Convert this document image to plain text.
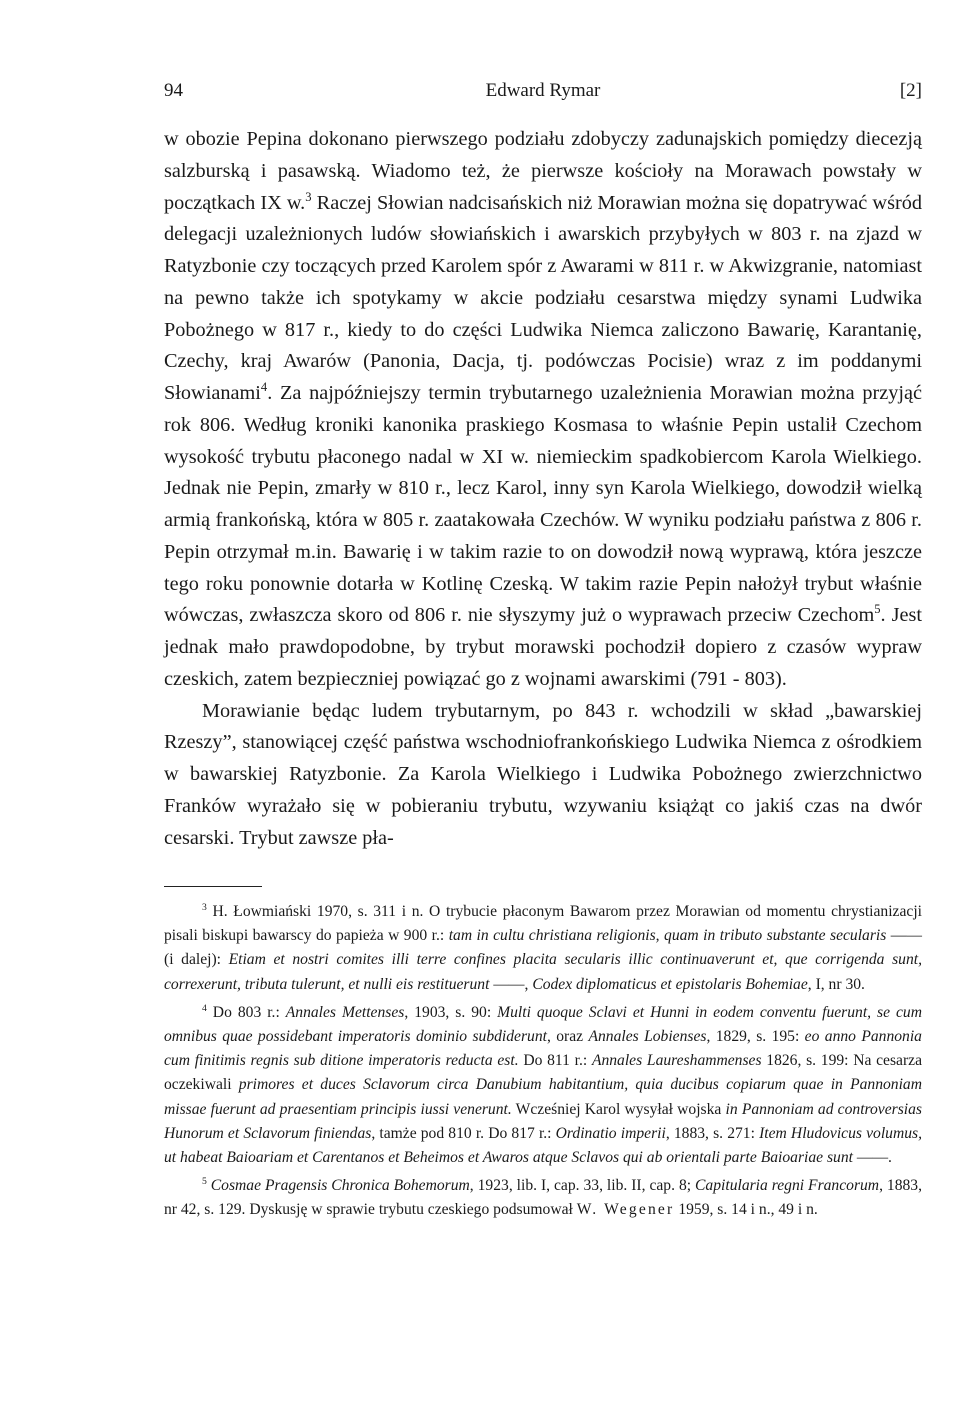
94	Edward Rymar	[2]

w obozie Pepina dokonano pierwszego podziału zdobyczy zadunajskich pomiędzy diecezją salzburską i pasawską. Wiadomo też, że pierwsze kościoły na Morawach powstały w początkach IX w.$^3$ Raczej Słowian nadcisańskich niż Morawian można się dopatrywać wśród delegacji uzależnionych ludów słowiańskich i awarskich przybyłych w 803 r. na zjazd w Ratyzbonie czy toczących przed Karolem spór z Awarami w 811 r. w Akwizgranie, natomiast na pewno także ich spotykamy w akcie podziału cesarstwa między synami Ludwika Pobożnego w 817 r., kiedy to do części Ludwika Niemca zaliczono Bawarię, Karantanię, Czechy, kraj Awarów (Panonia, Dacja, tj. podówczas Pocisie) wraz z im poddanymi Słowianami$^4$. Za najpóźniejszy termin trybutarnego uzależnienia Morawian można przyjąć rok 806. Według kroniki kanonika praskiego Kosmasa to właśnie Pepin ustalił Czechom wysokość trybutu płaconego nadal w XI w. niemieckim spadkobiercom Karola Wielkiego. Jednak nie Pepin, zmarły w 810 r., lecz Karol, inny syn Karola Wielkiego, dowodził wielką armią frankońską, która w 805 r. zaatakowała Czechów. W wyniku podziału państwa z 806 r. Pepin otrzymał m.in. Bawarię i w takim razie to on dowodził nową wyprawą, która jeszcze tego roku ponownie dotarła w Kotlinę Czeską. W takim razie Pepin nałożył trybut właśnie wówczas, zwłaszcza skoro od 806 r. nie słyszymy już o wyprawach przeciw Czechom$^5$. Jest jednak mało prawdopodobne, by trybut morawski pochodził dopiero z czasów wypraw czeskich, zatem bezpieczniej powiązać go z wojnami awarskimi (791 - 803).

Morawianie będąc ludem trybutarnym, po 843 r. wchodzili w skład „bawarskiej Rzeszy”, stanowiącej część państwa wschodniofrankońskiego Ludwika Niemca z ośrodkiem w bawarskiej Ratyzbonie. Za Karola Wielkiego i Ludwika Pobożnego zwierzchnictwo Franków wyrażało się w pobieraniu trybutu, wzywaniu książąt co jakiś czas na dwór cesarski. Trybut zawsze pła-

$^3$ H. Łowmiański 1970, s. 311 i n. O trybucie płaconym Bawarom przez Morawian od momentu chrystianizacji pisali biskupi bawarscy do papieża w 900 r.: tam in cultu christiana religionis, quam in tributo substante secularis —— (i dalej): Etiam et nostri comites illi terre confines placita secularis illic continuaverunt et, que corrigenda sunt, correxerunt, tributa tulerunt, et nulli eis restituerunt ——, Codex diplomaticus et epistolaris Bohemiae, I, nr 30.

$^4$ Do 803 r.: Annales Mettenses, 1903, s. 90: Multi quoque Sclavi et Hunni in eodem conventu fuerunt, se cum omnibus quae possidebant imperatoris dominio subdiderunt, oraz Annales Lobienses, 1829, s. 195: eo anno Pannonia cum finitimis regnis sub ditione imperatoris reducta est. Do 811 r.: Annales Laureshammenses 1826, s. 199: Na cesarza oczekiwali primores et duces Sclavorum circa Danubium habitantium, quia ducibus copiarum quae in Pannoniam missae fuerunt ad praesentiam principis iussi venerunt. Wcześniej Karol wysyłał wojska in Pannoniam ad controversias Hunorum et Sclavorum finiendas, tamże pod 810 r. Do 817 r.: Ordinatio imperii, 1883, s. 271: Item Hludovicus volumus, ut habeat Baioariam et Carentanos et Beheimos et Awaros atque Sclavos qui ab orientali parte Baioariae sunt ——.

$^5$ Cosmae Pragensis Chronica Bohemorum, 1923, lib. I, cap. 33, lib. II, cap. 8; Capitularia regni Francorum, 1883, nr 42, s. 129. Dyskusję w sprawie trybutu czeskiego podsumował W. Wegener 1959, s. 14 i n., 49 i n.
